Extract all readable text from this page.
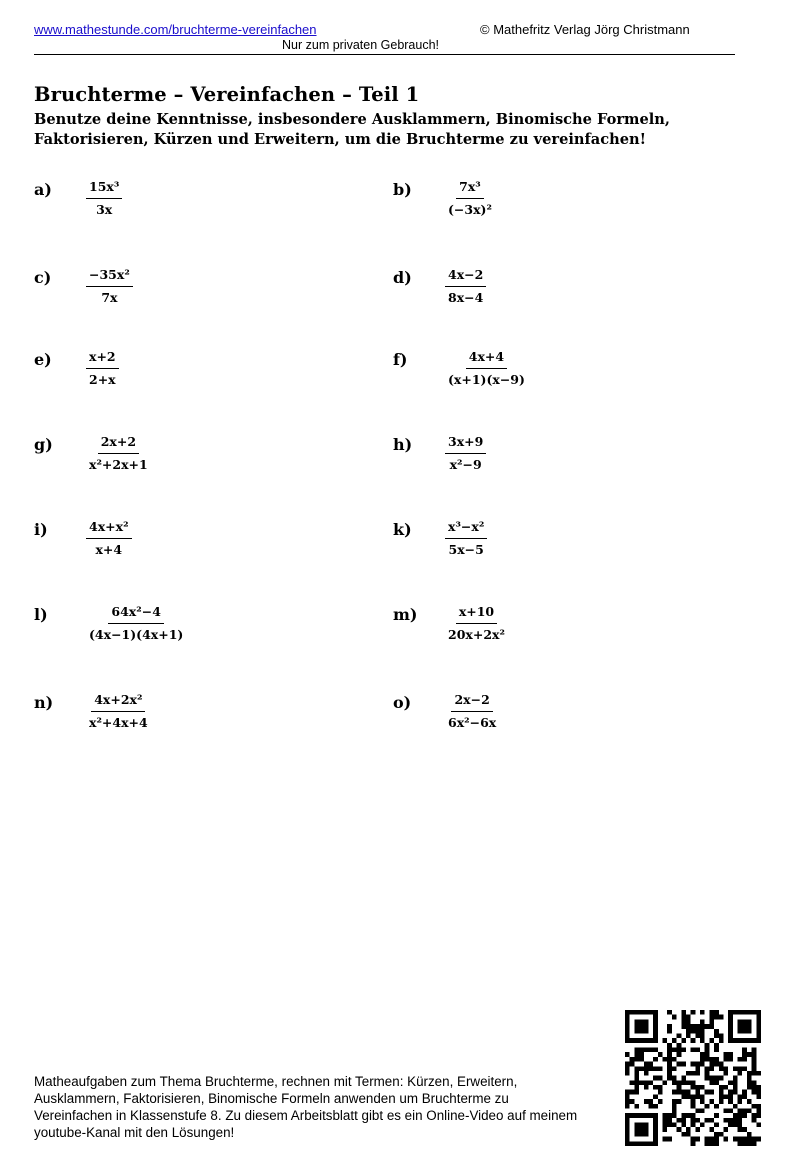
www.mathestunde.com/bruchterme-vereinfachen	© Mathefritz Verlag Jörg Christmann
Nur zum privaten Gebrauch!
Bruchterme – Vereinfachen – Teil 1

Benutze deine Kenntnisse, insbesondere Ausklammern, Binomische Formeln, Faktorisieren, Kürzen und Erweitern, um die Bruchterme zu vereinfachen!

a)	$\frac{\text{15x³}}{3x}$	b)	$\frac{\text{7x³}}{\text{(−3x)²}}$
c)	$\frac{\text{−35x²}}{7x}$	d)	$\frac{4x-2}{8x-4}$
e)	$\frac{x+2}{2+x}$	f)	$\frac{4x+4}{(x+1)(x-9)}$
g)	$\frac{2x+2}{\text{x²+2x+1}}$	h)	$\frac{3x+9}{\text{x²−9}}$
i)	$\frac{\text{4x+x²}}{x+4}$	k)	$\frac{\text{x³−x²}}{5x-5}$
l)	$\frac{\text{64x²−4}}{(4x-1)(4x+1)}$	$m) \frac{x+10}{\text{20x+2x²}}$
n)	$\frac{\text{4x+2x²}}{\text{x²+4x+4}}$	o)	$\frac{2x-2}{\text{6x²−6x}}$

Matheaufgaben zum Thema Bruchterme, rechnen mit Termen: Kürzen, Erweitern, Ausklammern, Faktorisieren, Binomische Formeln anwenden um Bruchterme zu Vereinfachen in Klassenstufe 8. Zu diesem Arbeitsblatt gibt es ein Online-Video auf meinem youtube-Kanal mit den Lösungen!
